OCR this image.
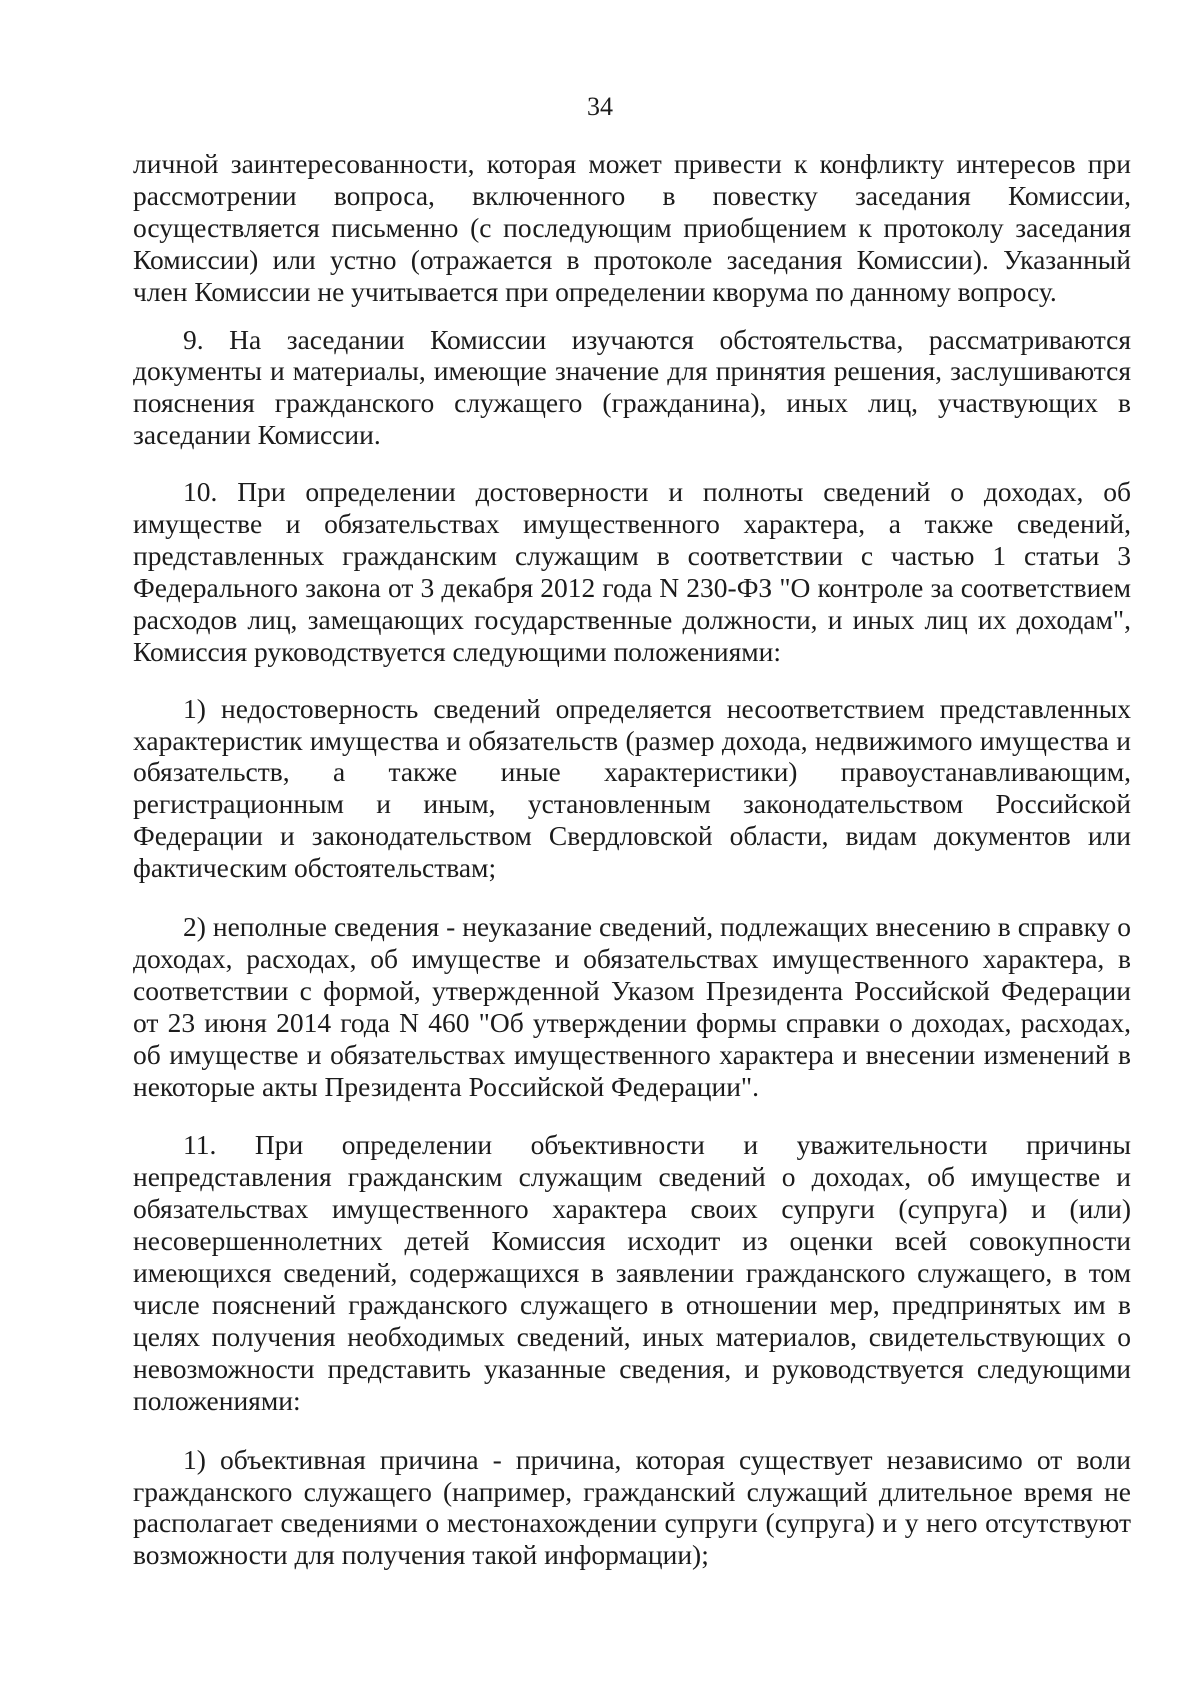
34

личной заинтересованности, которая может привести к конфликту интересов при рассмотрении вопроса, включенного в повестку заседания Комиссии, осуществляется письменно (с последующим приобщением к протоколу заседания Комиссии) или устно (отражается в протоколе заседания Комиссии). Указанный член Комиссии не учитывается при определении кворума по данному вопросу.

9. На заседании Комиссии изучаются обстоятельства, рассматриваются документы и материалы, имеющие значение для принятия решения, заслушиваются пояснения гражданского служащего (гражданина), иных лиц, участвующих в заседании Комиссии.

10. При определении достоверности и полноты сведений о доходах, об имуществе и обязательствах имущественного характера, а также сведений, представленных гражданским служащим в соответствии с частью 1 статьи 3 Федерального закона от 3 декабря 2012 года N 230-ФЗ "О контроле за соответствием расходов лиц, замещающих государственные должности, и иных лиц их доходам", Комиссия руководствуется следующими положениями:

1) недостоверность сведений определяется несоответствием представленных характеристик имущества и обязательств (размер дохода, недвижимого имущества и обязательств, а также иные характеристики) правоустанавливающим, регистрационным и иным, установленным законодательством Российской Федерации и законодательством Свердловской области, видам документов или фактическим обстоятельствам;

2) неполные сведения - неуказание сведений, подлежащих внесению в справку о доходах, расходах, об имуществе и обязательствах имущественного характера, в соответствии с формой, утвержденной Указом Президента Российской Федерации от 23 июня 2014 года N 460 "Об утверждении формы справки о доходах, расходах, об имуществе и обязательствах имущественного характера и внесении изменений в некоторые акты Президента Российской Федерации".

11. При определении объективности и уважительности причины непредставления гражданским служащим сведений о доходах, об имуществе и обязательствах имущественного характера своих супруги (супруга) и (или) несовершеннолетних детей Комиссия исходит из оценки всей совокупности имеющихся сведений, содержащихся в заявлении гражданского служащего, в том числе пояснений гражданского служащего в отношении мер, предпринятых им в целях получения необходимых сведений, иных материалов, свидетельствующих о невозможности представить указанные сведения, и руководствуется следующими положениями:

1) объективная причина - причина, которая существует независимо от воли гражданского служащего (например, гражданский служащий длительное время не располагает сведениями о местонахождении супруги (супруга) и у него отсутствуют возможности для получения такой информации);
